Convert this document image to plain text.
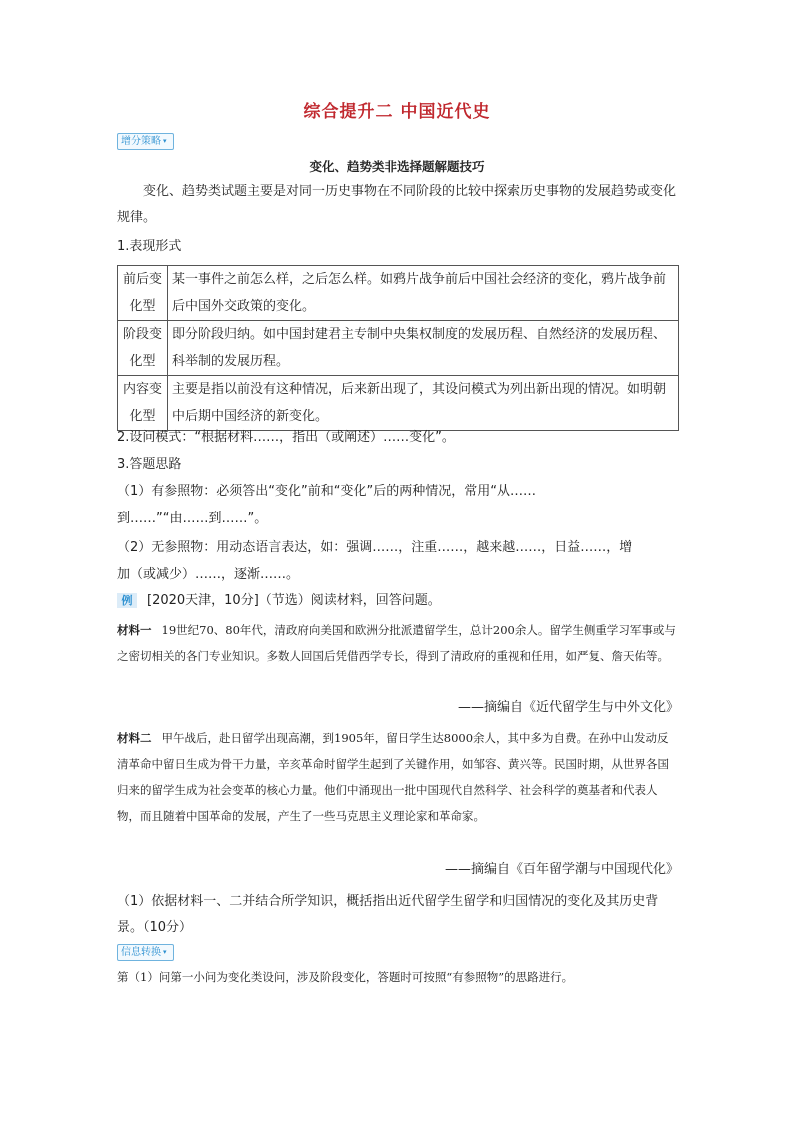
综合提升二 中国近代史
增分策略 ▾
变化、趋势类非选择题解题技巧
变化、趋势类试题主要是对同一历史事物在不同阶段的比较中探索历史事物的发展趋势或变化规律。
1.表现形式
前后变化型	某一事件之前怎么样，之后怎么样。如鸦片战争前后中国社会经济的变化，鸦片战争前后中国外交政策的变化。
阶段变化型	即分阶段归纳。如中国封建君主专制中央集权制度的发展历程、自然经济的发展历程、科举制的发展历程。
内容变化型	主要是指以前没有这种情况，后来新出现了，其设问模式为列出新出现的情况。如明朝中后期中国经济的新变化。
2.设问模式：“根据材料……，指出（或阐述）……变化”。
3.答题思路
（1）有参照物：必须答出“变化”前和“变化”后的两种情况，常用“从……
到……”“由……到……”。
（2）无参照物：用动态语言表达，如：强调……，注重……，越来越……，日益……，增
加（或减少）……，逐渐……。
例	[2020天津，10分]（节选）阅读材料，回答问题。
材料一 19世纪70、80年代，清政府向美国和欧洲分批派遣留学生，总计200余人。留学生侧重学习军事或与之密切相关的各门专业知识。多数人回国后凭借西学专长，得到了清政府的重视和任用，如严复、詹天佑等。
——摘编自《近代留学生与中外文化》
材料二 甲午战后，赴日留学出现高潮，到1905年，留日学生达8000余人，其中多为自费。在孙中山发动反清革命中留日生成为骨干力量，辛亥革命时留学生起到了关键作用，如邹容、黄兴等。民国时期，从世界各国归来的留学生成为社会变革的核心力量。他们中涌现出一批中国现代自然科学、社会科学的奠基者和代表人物，而且随着中国革命的发展，产生了一些马克思主义理论家和革命家。
——摘编自《百年留学潮与中国现代化》
（1）依据材料一、二并结合所学知识，概括指出近代留学生留学和归国情况的变化及其历史背景。（10分）
信息转换 ▾
第（1）问第一小问为变化类设问，涉及阶段变化，答题时可按照“有参照物”的思路进行。
